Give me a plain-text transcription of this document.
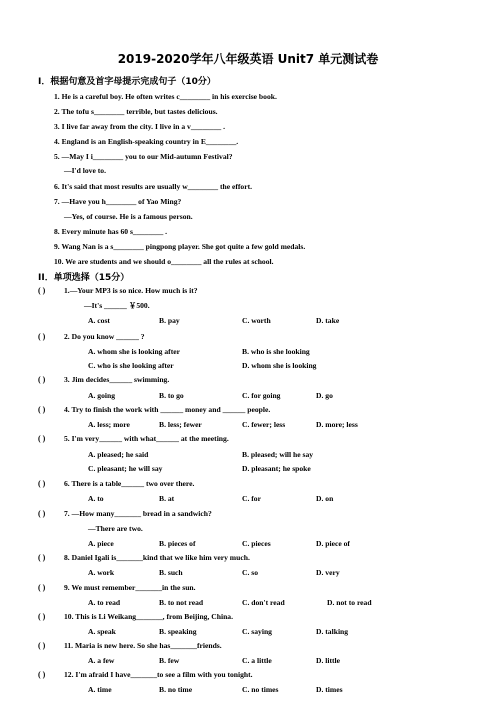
2019-2020学年八年级英语 Unit7 单元测试卷
I．根据句意及首字母提示完成句子（10分）
1. He is a careful boy. He often writes c________ in his exercise book.
2. The tofu s________ terrible, but tastes delicious.
3. I live far away from the city. I live in a v________ .
4. England is an English-speaking country in E________.
5. —May I i________ you to our Mid-autumn Festival?
—I'd love to.
6. It's said that most results are usually w________ the effort.
7. —Have you h________ of Yao Ming?
—Yes, of course. He is a famous person.
8. Every minute has 60 s________ .
9. Wang Nan is a s________ pingpong player. She got quite a few gold medals.
10. We are students and we should o________ all the rules at school.
II．单项选择（15分）
( ) 1.—Your MP3 is so nice. How much is it?
—It's ______ ￥500.
A. cost	B. pay	C. worth	D. take
( ) 2. Do you know ______ ?
A. whom she is looking after	B. who is she looking
C. who is she looking after	D. whom she is looking
( ) 3. Jim decides______ swimming.
A. going	B. to go	C. for going	D. go
( ) 4. Try to finish the work with ______ money and ______ people.
A. less; more	B. less; fewer	C. fewer; less	D. more; less
( ) 5. I'm very______ with what______ at the meeting.
A. pleased; he said	B. pleased; will he say
C. pleasant; he will say	D. pleasant; he spoke
( ) 6. There is a table______ two over there.
A. to	B. at	C. for	D. on
( ) 7. —How many_______ bread in a sandwich?
—There are two.
A. piece	B. pieces of	C. pieces	D. piece of
( ) 8. Daniel Igali is_______kind that we like him very much.
A. work	B. such	C. so	D. very
( ) 9. We must remember_______in the sun.
A. to read	B. to not read	C. don't read	D. not to read
( ) 10. This is Li Weikang_______, from Beijing, China.
A. speak	B. speaking	C. saying	D. talking
( ) 11. Maria is new here. So she has_______friends.
A. a few	B. few	C. a little	D. little
( ) 12. I'm afraid I have_______to see a film with you tonight.
A. time	B. no time	C. no times	D. times
